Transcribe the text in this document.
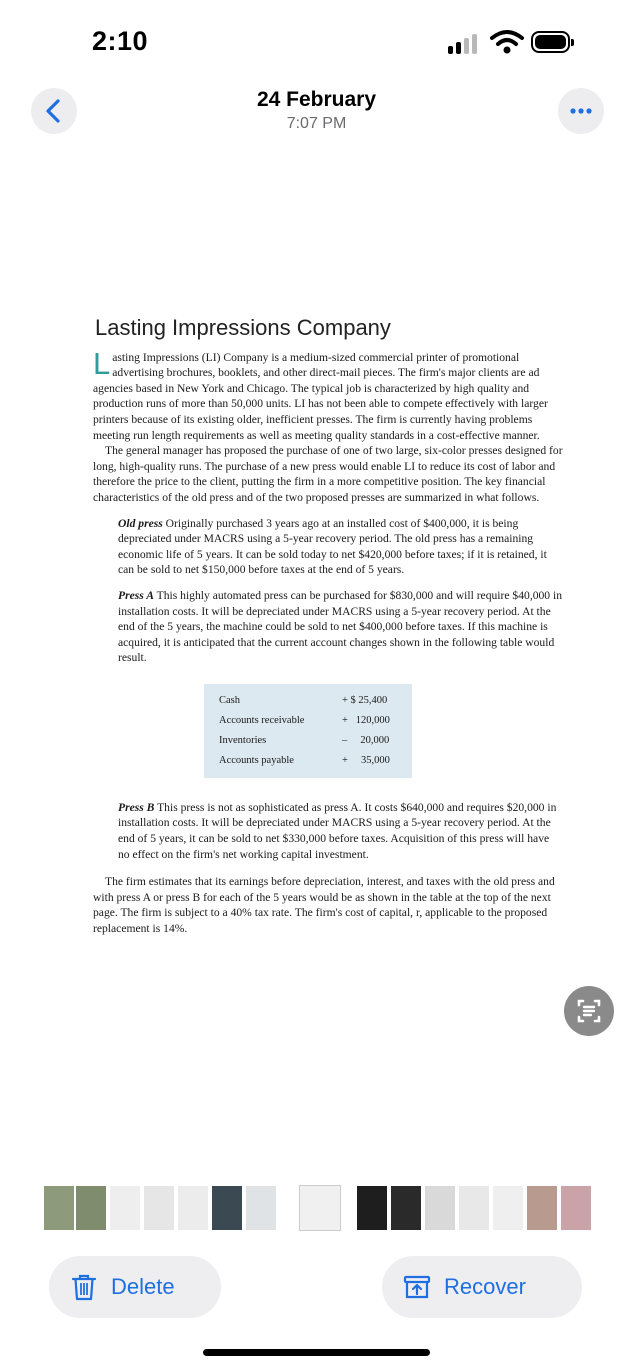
2:10
24 February
7:07 PM
Lasting Impressions Company

Lasting Impressions (LI) Company is a medium-sized commercial printer of promotional advertising brochures, booklets, and other direct-mail pieces. The firm's major clients are ad agencies based in New York and Chicago. The typical job is characterized by high quality and production runs of more than 50,000 units. LI has not been able to compete effectively with larger printers because of its existing older, inefficient presses. The firm is currently having problems meeting run length requirements as well as meeting quality standards in a cost-effective manner.

The general manager has proposed the purchase of one of two large, six-color presses designed for long, high-quality runs. The purchase of a new press would enable LI to reduce its cost of labor and therefore the price to the client, putting the firm in a more competitive position. The key financial characteristics of the old press and of the two proposed presses are summarized in what follows.

Old press Originally purchased 3 years ago at an installed cost of $400,000, it is being depreciated under MACRS using a 5-year recovery period. The old press has a remaining economic life of 5 years. It can be sold today to net $420,000 before taxes; if it is retained, it can be sold to net $150,000 before taxes at the end of 5 years.

Press A This highly automated press can be purchased for $830,000 and will require $40,000 in installation costs. It will be depreciated under MACRS using a 5-year recovery period. At the end of the 5 years, the machine could be sold to net $400,000 before taxes. If this machine is acquired, it is anticipated that the current account changes shown in the following table would result.

Cash	+ $ 25,400
Accounts receivable	+   120,000
Inventories	–     20,000
Accounts payable	+     35,000

Press B This press is not as sophisticated as press A. It costs $640,000 and requires $20,000 in installation costs. It will be depreciated under MACRS using a 5-year recovery period. At the end of 5 years, it can be sold to net $330,000 before taxes. Acquisition of this press will have no effect on the firm's net working capital investment.

The firm estimates that its earnings before depreciation, interest, and taxes with the old press and with press A or press B for each of the 5 years would be as shown in the table at the top of the next page. The firm is subject to a 40% tax rate. The firm's cost of capital, r, applicable to the proposed replacement is 14%.

Delete	Recover
